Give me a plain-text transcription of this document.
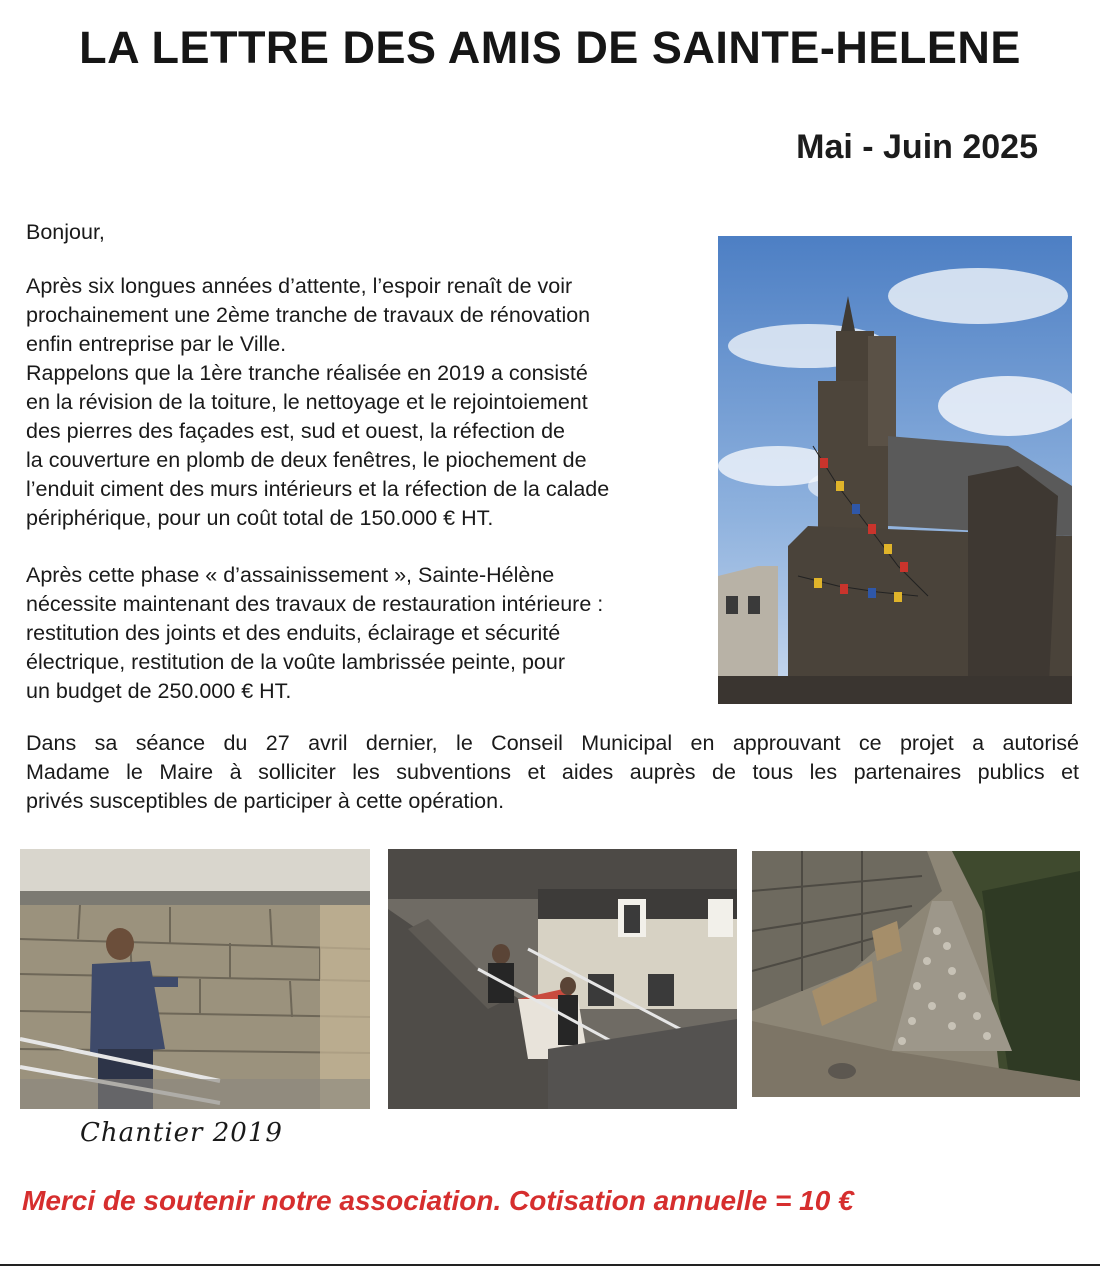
LA LETTRE DES AMIS DE SAINTE-HELENE
Mai - Juin 2025
Bonjour,
Après six longues années d’attente, l’espoir renaît de voir
prochainement une 2ème tranche de travaux de rénovation
enfin entreprise par le Ville.
Rappelons que la 1ère tranche réalisée en 2019 a consisté
en la révision de la toiture, le nettoyage et le rejointoiement
des pierres des façades est, sud et ouest, la réfection de
la couverture en plomb de deux fenêtres, le piochement de
l’enduit ciment des murs intérieurs et la réfection de la calade
périphérique, pour un coût total de 150.000 € HT.
Après cette phase « d’assainissement », Sainte-Hélène
nécessite maintenant des travaux de restauration intérieure :
restitution des joints et des enduits, éclairage et sécurité
électrique, restitution de la voûte lambrissée peinte, pour
un budget de 250.000 € HT.
Dans sa séance du 27 avril dernier, le Conseil Municipal en approuvant ce projet a autorisé
Madame le Maire à solliciter les subventions et aides auprès de tous les partenaires publics et
privés susceptibles de participer à cette opération.
Chantier 2019
Merci de soutenir notre association. Cotisation annuelle = 10 €
